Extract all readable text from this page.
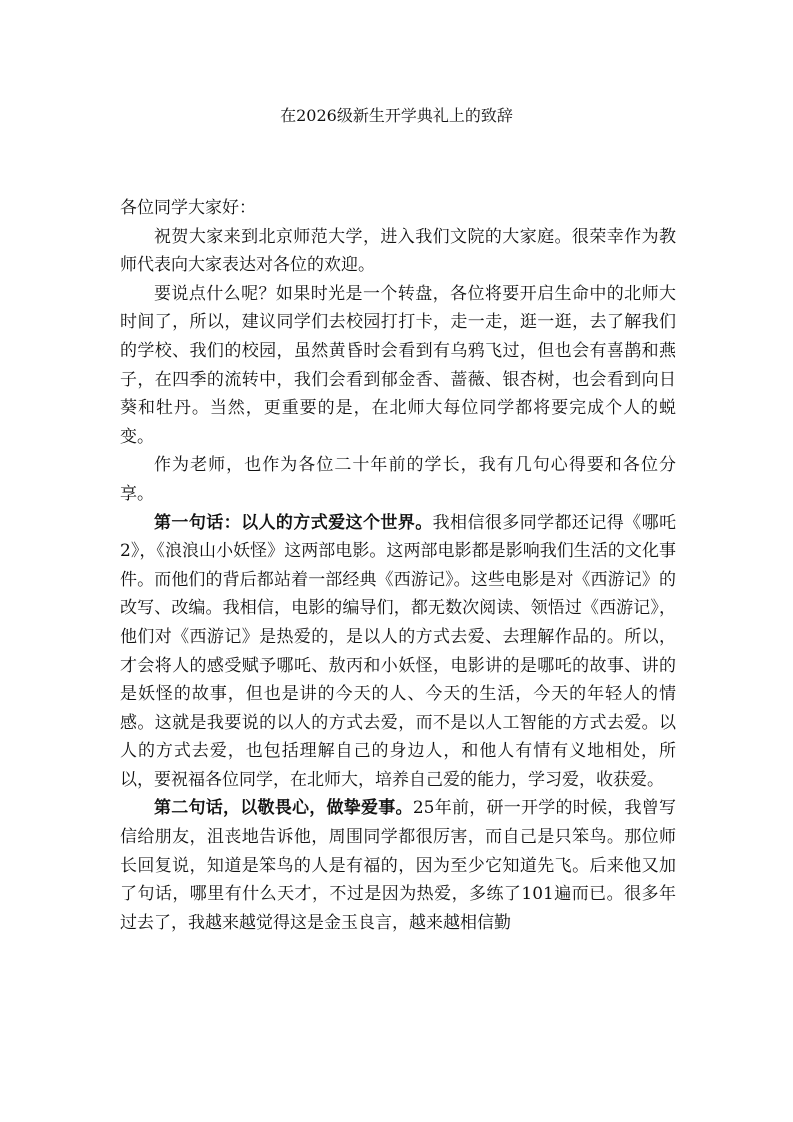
在2026级新生开学典礼上的致辞

各位同学大家好：

祝贺大家来到北京师范大学，进入我们文院的大家庭。很荣幸作为教师代表向大家表达对各位的欢迎。

要说点什么呢？如果时光是一个转盘，各位将要开启生命中的北师大时间了，所以，建议同学们去校园打打卡，走一走，逛一逛，去了解我们的学校、我们的校园，虽然黄昏时会看到有乌鸦飞过，但也会有喜鹊和燕子，在四季的流转中，我们会看到郁金香、蔷薇、银杏树，也会看到向日葵和牡丹。当然，更重要的是，在北师大每位同学都将要完成个人的蜕变。

作为老师，也作为各位二十年前的学长，我有几句心得要和各位分享。

第一句话：以人的方式爱这个世界。我相信很多同学都还记得《哪吒2》，《浪浪山小妖怪》这两部电影。这两部电影都是影响我们生活的文化事件。而他们的背后都站着一部经典《西游记》。这些电影是对《西游记》的改写、改编。我相信，电影的编导们，都无数次阅读、领悟过《西游记》，他们对《西游记》是热爱的，是以人的方式去爱、去理解作品的。所以，才会将人的感受赋予哪吒、敖丙和小妖怪，电影讲的是哪吒的故事、讲的是妖怪的故事，但也是讲的今天的人、今天的生活，今天的年轻人的情感。这就是我要说的以人的方式去爱，而不是以人工智能的方式去爱。以人的方式去爱，也包括理解自己的身边人，和他人有情有义地相处，所以，要祝福各位同学，在北师大，培养自己爱的能力，学习爱，收获爱。

第二句话，以敬畏心，做挚爱事。25年前，研一开学的时候，我曾写信给朋友，沮丧地告诉他，周围同学都很厉害，而自己是只笨鸟。那位师长回复说，知道是笨鸟的人是有福的，因为至少它知道先飞。后来他又加了句话，哪里有什么天才，不过是因为热爱，多练了101遍而已。很多年过去了，我越来越觉得这是金玉良言，越来越相信勤
